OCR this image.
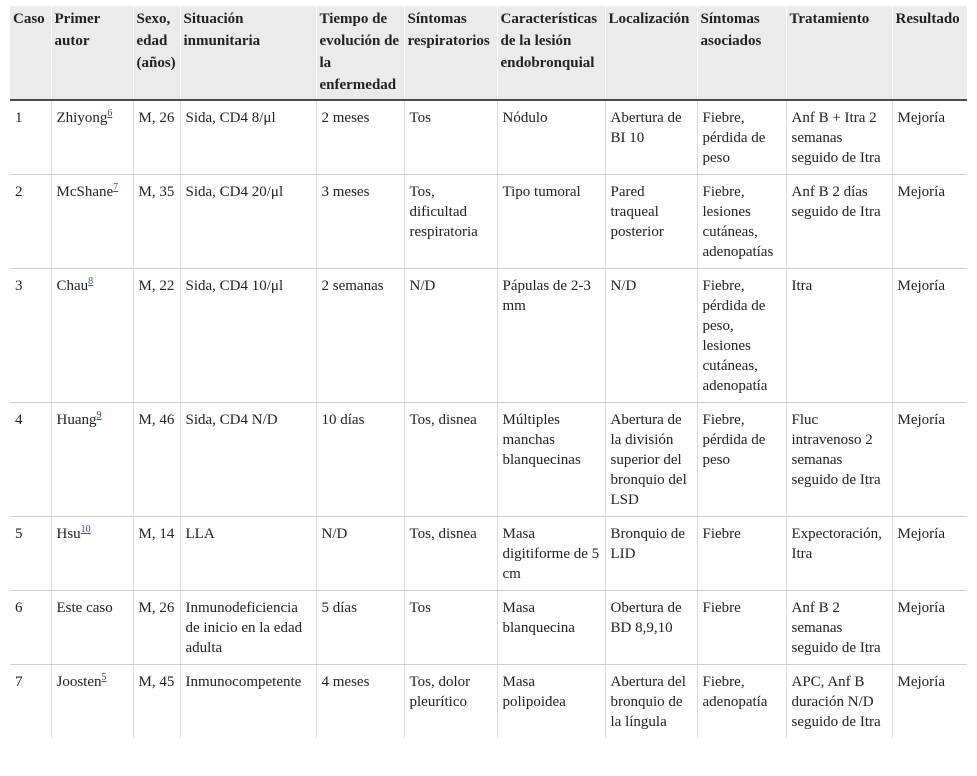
Caso	Primer autor	Sexo, edad (años)	Situación inmunitaria	Tiempo de evolución de la enfermedad	Síntomas respiratorios	Características de la lesión endobronquial	Localización	Síntomas asociados	Tratamiento	Resultado
1	Zhiyong$^6$	M, 26	Sida, CD4 8/μl	2 meses	Tos	Nódulo	Abertura de BI 10	Fiebre, pérdida de peso	Anf B + Itra 2 semanas seguido de Itra	Mejoría
2	McShane$^7$	M, 35	Sida, CD4 20/μl	3 meses	Tos, dificultad respiratoria	Tipo tumoral	Pared traqueal posterior	Fiebre, lesiones cutáneas, adenopatías	Anf B 2 días seguido de Itra	Mejoría
3	Chau$^8$	M, 22	Sida, CD4 10/μl	2 semanas	N/D	Pápulas de 2-3 mm	N/D	Fiebre, pérdida de peso, lesiones cutáneas, adenopatía	Itra	Mejoría
4	Huang$^9$	M, 46	Sida, CD4 N/D	10 días	Tos, disnea	Múltiples manchas blanquecinas	Abertura de la división superior del bronquio del LSD	Fiebre, pérdida de peso	Fluc intravenoso 2 semanas seguido de Itra	Mejoría
5	Hsu$^{10}$	M, 14	LLA	N/D	Tos, disnea	Masa digitiforme de 5 cm	Bronquio de LID	Fiebre	Expectoración, Itra	Mejoría
6	Este caso	M, 26	Inmunodeficiencia de inicio en la edad adulta	5 días	Tos	Masa blanquecina	Obertura de BD 8,9,10	Fiebre	Anf B 2 semanas seguido de Itra	Mejoría
7	Joosten$^5$	M, 45	Inmunocompetente	4 meses	Tos, dolor pleurítico	Masa polipoidea	Abertura del bronquio de la língula	Fiebre, adenopatía	APC, Anf B duración N/D seguido de Itra	Mejoría
